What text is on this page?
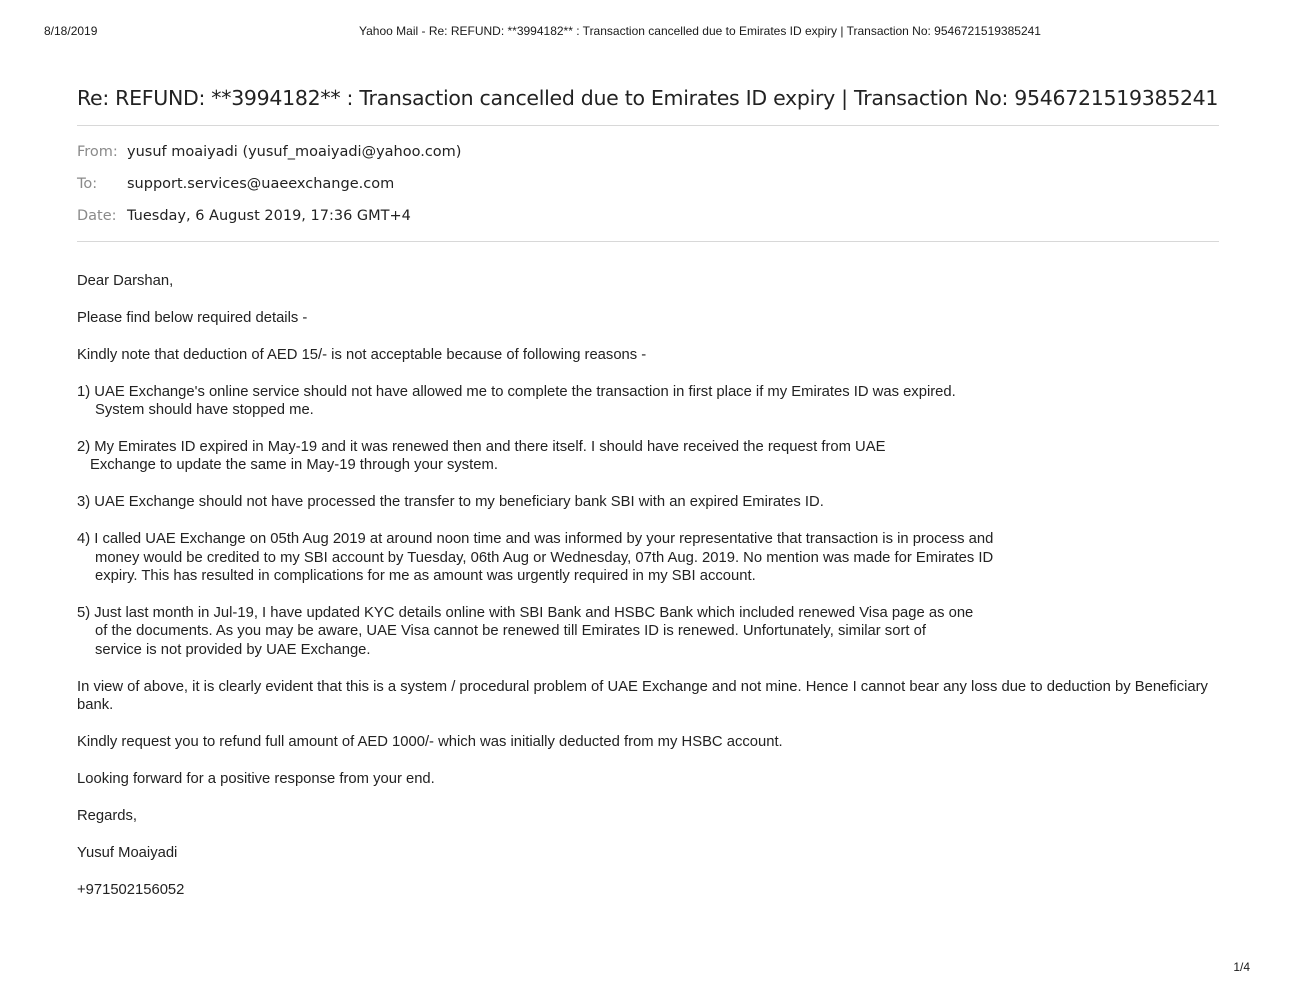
8/18/2019	Yahoo Mail - Re: REFUND: **3994182** : Transaction cancelled due to Emirates ID expiry | Transaction No: 9546721519385241
Re: REFUND: **3994182** : Transaction cancelled due to Emirates ID expiry | Transaction No: 9546721519385241
From: yusuf moaiyadi (yusuf_moaiyadi@yahoo.com)
To: support.services@uaeexchange.com
Date: Tuesday, 6 August 2019, 17:36 GMT+4

Dear Darshan,

Please find below required details -

Kindly note that deduction of AED 15/- is not acceptable because of following reasons -

1) UAE Exchange's online service should not have allowed me to complete the transaction in first place if my Emirates ID was expired. System should have stopped me.

2) My Emirates ID expired in May-19 and it was renewed then and there itself. I should have received the request from UAE Exchange to update the same in May-19 through your system.

3) UAE Exchange should not have processed the transfer to my beneficiary bank SBI with an expired Emirates ID.

4) I called UAE Exchange on 05th Aug 2019 at around noon time and was informed by your representative that transaction is in process and money would be credited to my SBI account by Tuesday, 06th Aug or Wednesday, 07th Aug. 2019. No mention was made for Emirates ID expiry. This has resulted in complications for me as amount was urgently required in my SBI account.

5) Just last month in Jul-19, I have updated KYC details online with SBI Bank and HSBC Bank which included renewed Visa page as one of the documents. As you may be aware, UAE Visa cannot be renewed till Emirates ID is renewed. Unfortunately, similar sort of service is not provided by UAE Exchange.

In view of above, it is clearly evident that this is a system / procedural problem of UAE Exchange and not mine. Hence I cannot bear any loss due to deduction by Beneficiary bank.

Kindly request you to refund full amount of AED 1000/- which was initially deducted from my HSBC account.

Looking forward for a positive response from your end.

Regards,

Yusuf Moaiyadi

+971502156052

1/4
